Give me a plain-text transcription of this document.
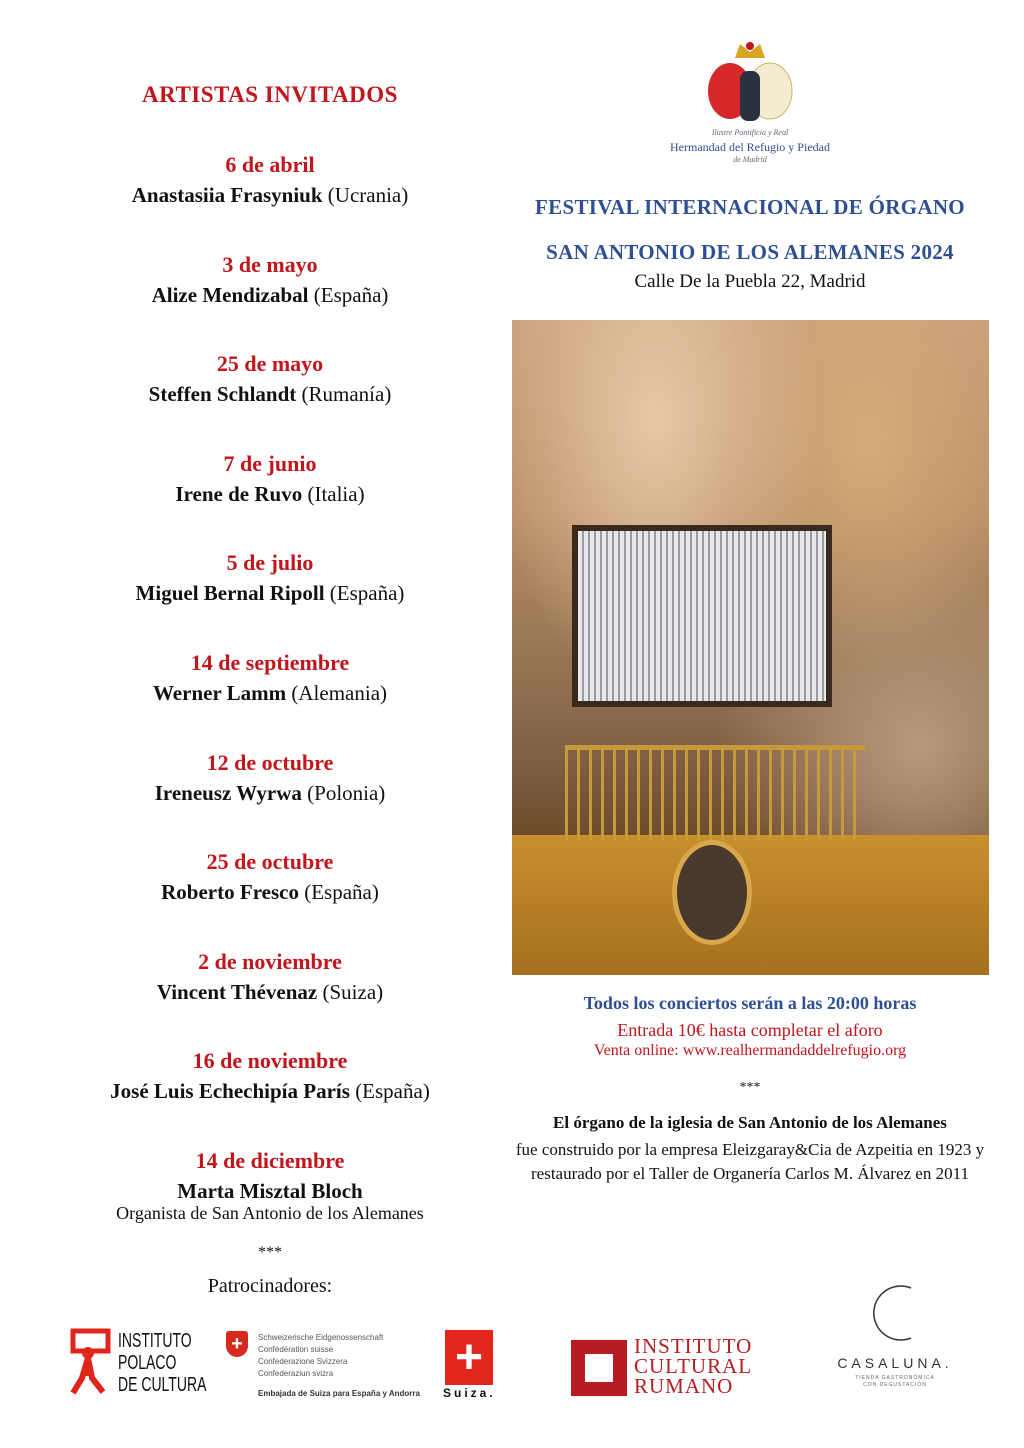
ARTISTAS INVITADOS
6 de abril
Anastasiia Frasyniuk (Ucrania)
3 de mayo
Alize Mendizabal (España)
25 de mayo
Steffen Schlandt (Rumanía)
7 de junio
Irene de Ruvo (Italia)
5 de julio
Miguel Bernal Ripoll (España)
14 de septiembre
Werner Lamm (Alemania)
12 de octubre
Ireneusz Wyrwa (Polonia)
25 de octubre
Roberto Fresco (España)
2 de noviembre
Vincent Thévenaz (Suiza)
16 de noviembre
José Luis Echechipía París (España)
14 de diciembre
Marta Misztal Bloch
Organista de San Antonio de los Alemanes
***
Patrocinadores:
Ilustre Pontificia y Real
Hermandad del Refugio y Piedad
de Madrid
FESTIVAL INTERNACIONAL DE ÓRGANO
SAN ANTONIO DE LOS ALEMANES 2024
Calle De la Puebla 22, Madrid
Todos los conciertos serán a las 20:00 horas
Entrada 10€ hasta completar el aforo
Venta online: www.realhermandaddelrefugio.org
***
El órgano de la iglesia de San Antonio de los Alemanes
fue construido por la empresa Eleizgaray&Cia de Azpeitia en 1923 y restaurado por el Taller de Organería Carlos M. Álvarez en 2011
INSTITUTO
POLACO
DE CULTURA
+	Schweizerische Eidgenossenschaft
Confédération suisse
Confederazione Svizzera
Confederaziun svizra
Embajada de Suiza para España y Andorra
+
Suiza.
INSTITUTO
CULTURAL
RUMANO
CASALUNA.
TIENDA GASTRONÓMICA
CON DEGUSTACIÓN
